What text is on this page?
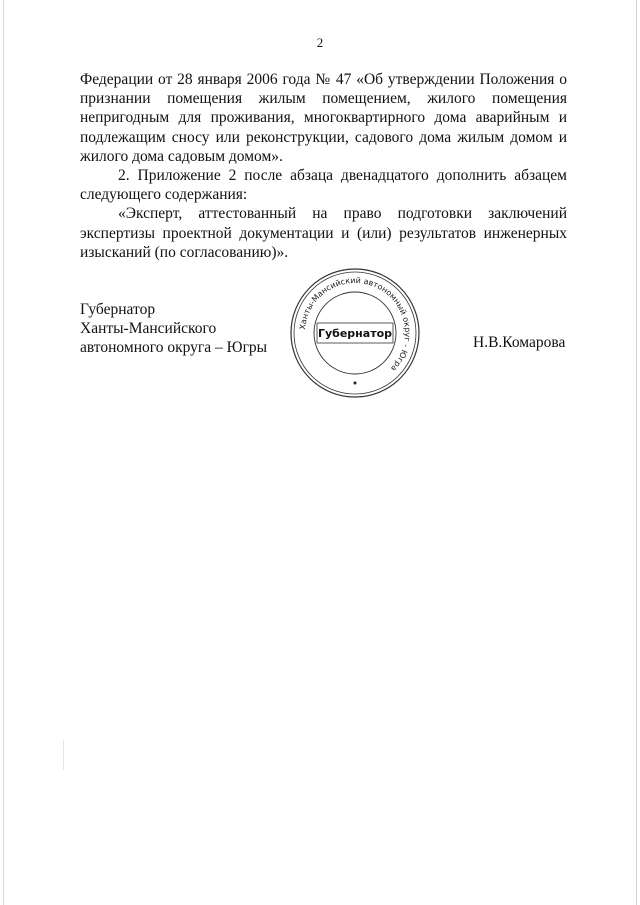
2

Федерации от 28 января 2006 года № 47 «Об утверждении Положения о признании помещения жилым помещением, жилого помещения непригодным для проживания, многоквартирного дома аварийным и подлежащим сносу или реконструкции, садового дома жилым домом и жилого дома садовым домом».

2. Приложение 2 после абзаца двенадцатого дополнить абзацем следующего содержания:

«Эксперт, аттестованный на право подготовки заключений экспертизы проектной документации и (или) результатов инженерных изысканий (по согласованию)».

Губернатор
Ханты-Мансийского
автономного округа – Югры
Ханты-Мансийский автономный округ - Югра
Губернатор
Н.В.Комарова
